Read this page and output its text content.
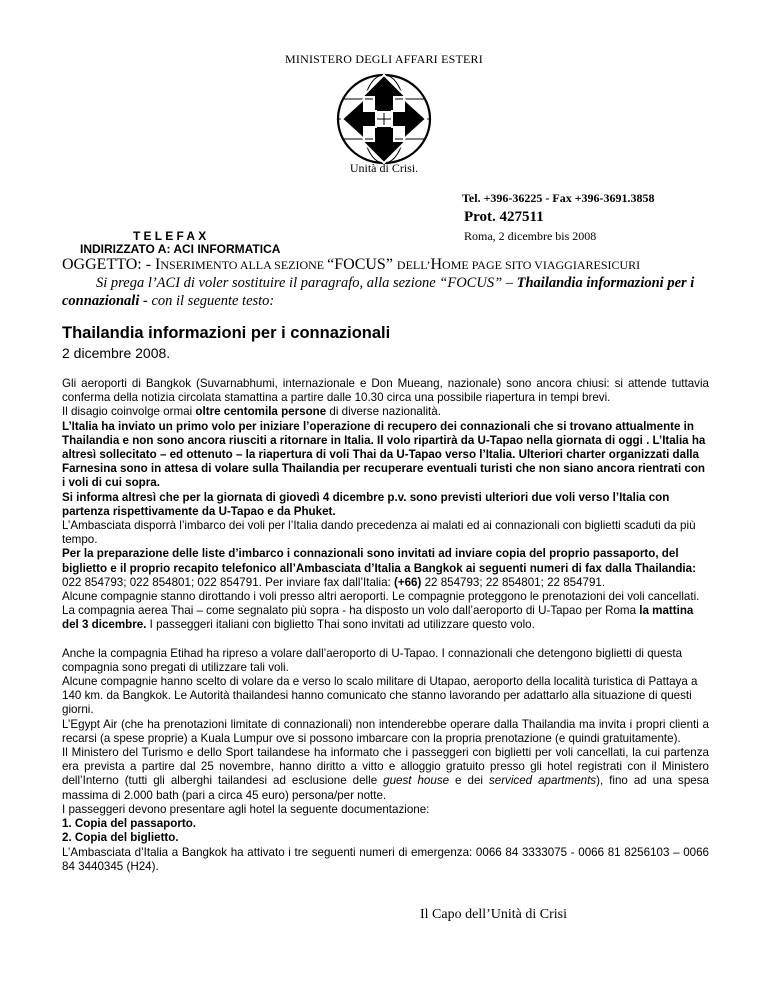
MINISTERO DEGLI AFFARI ESTERI
Unità di Crisi.
Tel. +396-36225 - Fax +396-3691.3858
Prot. 427511
TELEFAX	Roma, 2 dicembre bis 2008
INDIRIZZATO A: ACI INFORMATICA
OGGETTO: - INSERIMENTO ALLA SEZIONE “FOCUS” DELL’HOME PAGE SITO VIAGGIARESICURI
Si prega l’ACI di voler sostituire il paragrafo, alla sezione “FOCUS” – Thailandia informazioni per i connazionali - con il seguente testo:
Thailandia informazioni per i connazionali
2 dicembre 2008.

Gli aeroporti di Bangkok (Suvarnabhumi, internazionale e Don Mueang, nazionale) sono ancora chiusi: si attende tuttavia conferma della notizia circolata stamattina a partire dalle 10.30 circa una possibile riapertura in tempi brevi.

Il disagio coinvolge ormai oltre centomila persone di diverse nazionalità.

L’Italia ha inviato un primo volo per iniziare l’operazione di recupero dei connazionali che si trovano attualmente in Thailandia e non sono ancora riusciti a ritornare in Italia. Il volo ripartirà da U-Tapao nella giornata di oggi . L’Italia ha altresì sollecitato – ed ottenuto – la riapertura di voli Thai da U-Tapao verso l’Italia. Ulteriori charter organizzati dalla Farnesina sono in attesa di volare sulla Thailandia per recuperare eventuali turisti che non siano ancora rientrati con i voli di cui sopra.

Si informa altresì che per la giornata di giovedì 4 dicembre p.v. sono previsti ulteriori due voli verso l’Italia con partenza rispettivamente da U-Tapao e da Phuket.

L’Ambasciata disporrà l’imbarco dei voli per l’Italia dando precedenza ai malati ed ai connazionali con biglietti scaduti da più tempo.

Per la preparazione delle liste d’imbarco i connazionali sono invitati ad inviare copia del proprio passaporto, del biglietto e il proprio recapito telefonico all’Ambasciata d’Italia a Bangkok ai seguenti numeri di fax dalla Thailandia: 022 854793; 022 854801; 022 854791. Per inviare fax dall’Italia: (+66) 22 854793; 22 854801; 22 854791.

Alcune compagnie stanno dirottando i voli presso altri aeroporti. Le compagnie proteggono le prenotazioni dei voli cancellati.

La compagnia aerea Thai – come segnalato più sopra - ha disposto un volo dall’aeroporto di U-Tapao per Roma la mattina del 3 dicembre. I passeggeri italiani con biglietto Thai sono invitati ad utilizzare questo volo.

Anche la compagnia Etihad ha ripreso a volare dall’aeroporto di U-Tapao. I connazionali che detengono biglietti di questa compagnia sono pregati di utilizzare tali voli.

Alcune compagnie hanno scelto di volare da e verso lo scalo militare di Utapao, aeroporto della località turistica di Pattaya a 140 km. da Bangkok. Le Autorità thailandesi hanno comunicato che stanno lavorando per adattarlo alla situazione di questi giorni.

L’Egypt Air (che ha prenotazioni limitate di connazionali) non intenderebbe operare dalla Thailandia ma invita i propri clienti a recarsi (a spese proprie) a Kuala Lumpur ove si possono imbarcare con la propria prenotazione (e quindi gratuitamente).

Il Ministero del Turismo e dello Sport tailandese ha informato che i passeggeri con biglietti per voli cancellati, la cui partenza era prevista a partire dal 25 novembre, hanno diritto a vitto e alloggio gratuito presso gli hotel registrati con il Ministero dell’Interno (tutti gli alberghi tailandesi ad esclusione delle guest house e dei serviced apartments), fino ad una spesa massima di 2.000 bath (pari a circa 45 euro) persona/per notte.

I passeggeri devono presentare agli hotel la seguente documentazione:

1. Copia del passaporto.

2. Copia del biglietto.

L’Ambasciata d’Italia a Bangkok ha attivato i tre seguenti numeri di emergenza: 0066 84 3333075 - 0066 81 8256103 – 0066 84 3440345 (H24).

Il Capo dell’Unità di Crisi
